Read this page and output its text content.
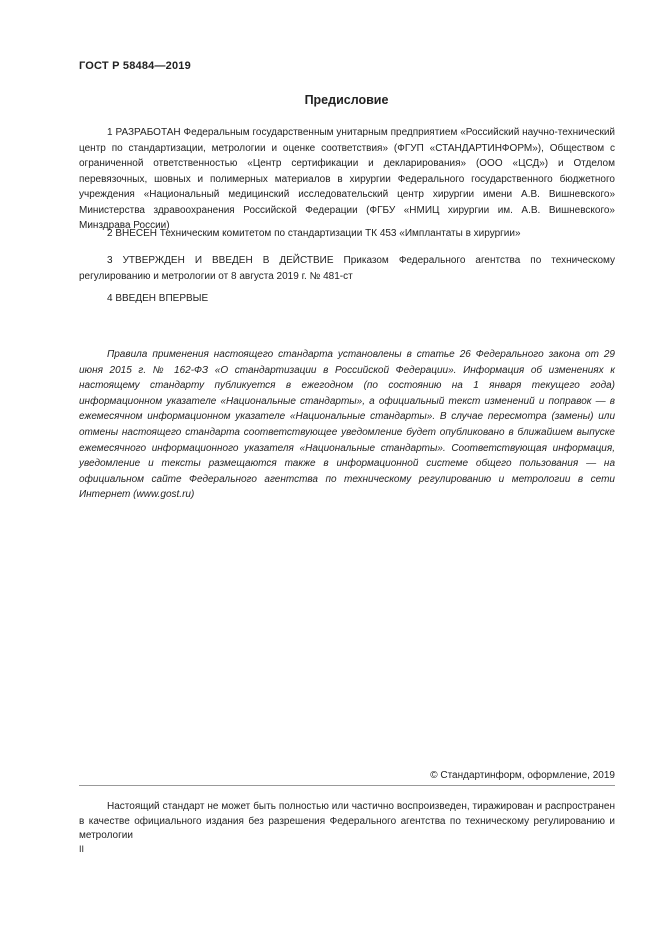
ГОСТ Р 58484—2019
Предисловие
1 РАЗРАБОТАН Федеральным государственным унитарным предприятием «Российский научно-технический центр по стандартизации, метрологии и оценке соответствия» (ФГУП «СТАНДАРТИНФОРМ»), Обществом с ограниченной ответственностью «Центр сертификации и декларирования» (ООО «ЦСД») и Отделом перевязочных, шовных и полимерных материалов в хирургии Федерального государственного бюджетного учреждения «Национальный медицинский исследовательский центр хирургии имени А.В. Вишневского» Министерства здравоохранения Российской Федерации (ФГБУ «НМИЦ хирургии им. А.В. Вишневского» Минздрава России)
2 ВНЕСЕН Техническим комитетом по стандартизации ТК 453 «Имплантаты в хирургии»
3 УТВЕРЖДЕН И ВВЕДЕН В ДЕЙСТВИЕ Приказом Федерального агентства по техническому регулированию и метрологии от 8 августа 2019 г. № 481-ст
4 ВВЕДЕН ВПЕРВЫЕ
Правила применения настоящего стандарта установлены в статье 26 Федерального закона от 29 июня 2015 г. № 162-ФЗ «О стандартизации в Российской Федерации». Информация об изменениях к настоящему стандарту публикуется в ежегодном (по состоянию на 1 января текущего года) информационном указателе «Национальные стандарты», а официальный текст изменений и поправок — в ежемесячном информационном указателе «Национальные стандарты». В случае пересмотра (замены) или отмены настоящего стандарта соответствующее уведомление будет опубликовано в ближайшем выпуске ежемесячного информационного указателя «Национальные стандарты». Соответствующая информация, уведомление и тексты размещаются также в информационной системе общего пользования — на официальном сайте Федерального агентства по техническому регулированию и метрологии в сети Интернет (www.gost.ru)
© Стандартинформ, оформление, 2019
Настоящий стандарт не может быть полностью или частично воспроизведен, тиражирован и распространен в качестве официального издания без разрешения Федерального агентства по техническому регулированию и метрологии
II
